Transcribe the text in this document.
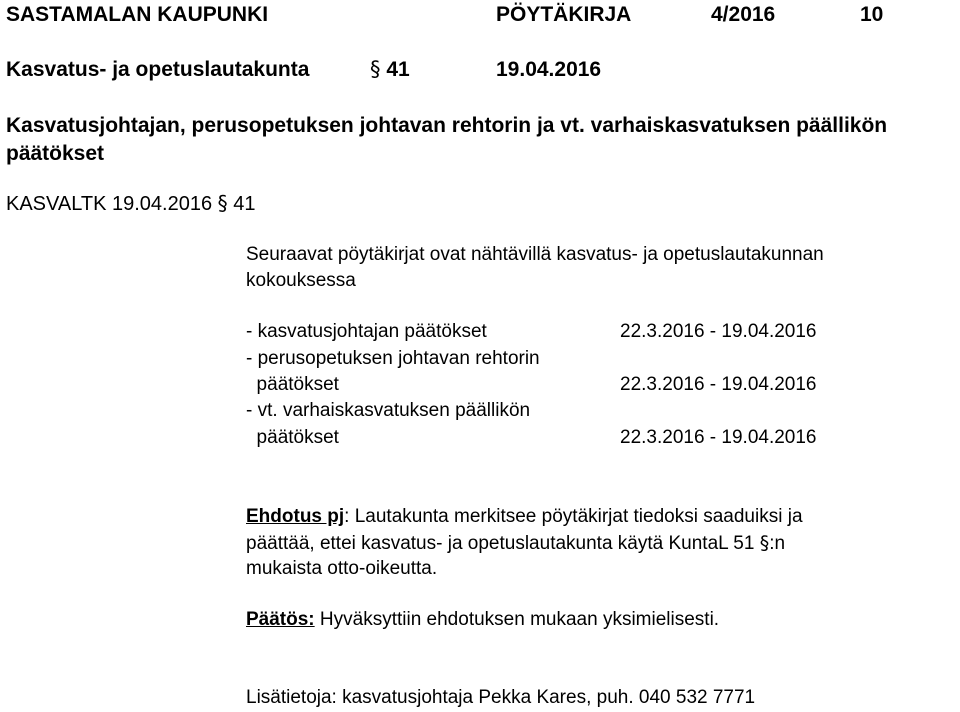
SASTAMALAN KAUPUNKI	PÖYTÄKIRJA	4/2016	10
Kasvatus- ja opetuslautakunta	§ 41	19.04.2016
Kasvatusjohtajan, perusopetuksen johtavan rehtorin ja vt. varhaiskasvatuksen päällikön
päätökset
KASVALTK 19.04.2016 § 41
Seuraavat pöytäkirjat ovat nähtävillä kasvatus- ja opetuslautakunnan
kokouksessa
- kasvatusjohtajan päätökset	22.3.2016 - 19.04.2016
- perusopetuksen johtavan rehtorin
päätökset	22.3.2016 - 19.04.2016
- vt. varhaiskasvatuksen päällikön
päätökset	22.3.2016 - 19.04.2016
Ehdotus pj: Lautakunta merkitsee pöytäkirjat tiedoksi saaduiksi ja
päättää, ettei kasvatus- ja opetuslautakunta käytä KuntaL 51 §:n
mukaista otto-oikeutta.
Päätös: Hyväksyttiin ehdotuksen mukaan yksimielisesti.
Lisätietoja: kasvatusjohtaja Pekka Kares, puh. 040 532 7771
